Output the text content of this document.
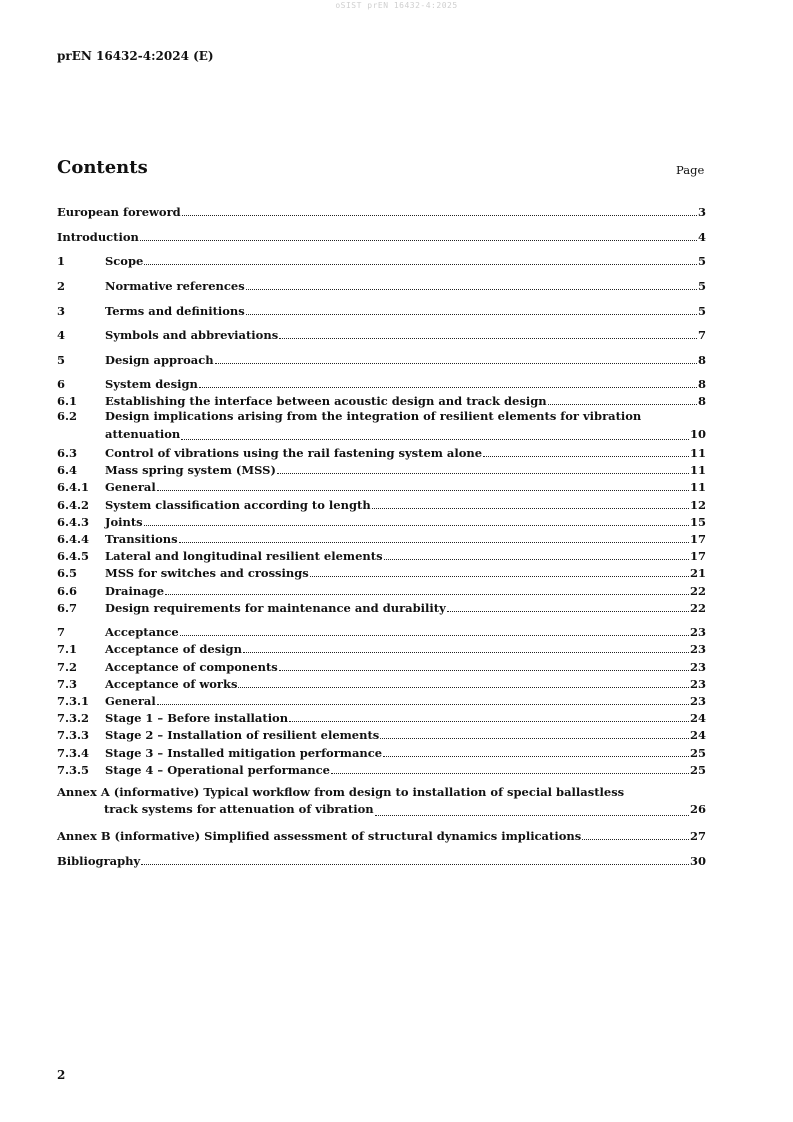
oSIST prEN 16432-4:2025
prEN 16432-4:2024 (E)
Contents	Page
European foreword	3
Introduction	4
1	Scope	5
2	Normative references	5
3	Terms and definitions	5
4	Symbols and abbreviations	7
5	Design approach	8
6	System design	8
6.1	Establishing the interface between acoustic design and track design	8
6.2	Design implications arising from the integration of resilient elements for vibration
attenuation	10
6.3	Control of vibrations using the rail fastening system alone	11
6.4	Mass spring system (MSS)	11
6.4.1	General	11
6.4.2	System classification according to length	12
6.4.3	Joints	15
6.4.4	Transitions	17
6.4.5	Lateral and longitudinal resilient elements	17
6.5	MSS for switches and crossings	21
6.6	Drainage	22
6.7	Design requirements for maintenance and durability	22
7	Acceptance	23
7.1	Acceptance of design	23
7.2	Acceptance of components	23
7.3	Acceptance of works	23
7.3.1	General	23
7.3.2	Stage 1 – Before installation	24
7.3.3	Stage 2 – Installation of resilient elements	24
7.3.4	Stage 3 – Installed mitigation performance	25
7.3.5	Stage 4 – Operational performance	25
Annex A (informative) Typical workflow from design to installation of special ballastless
track systems for attenuation of vibration	26
Annex B (informative) Simplified assessment of structural dynamics implications	27
Bibliography	30
2
